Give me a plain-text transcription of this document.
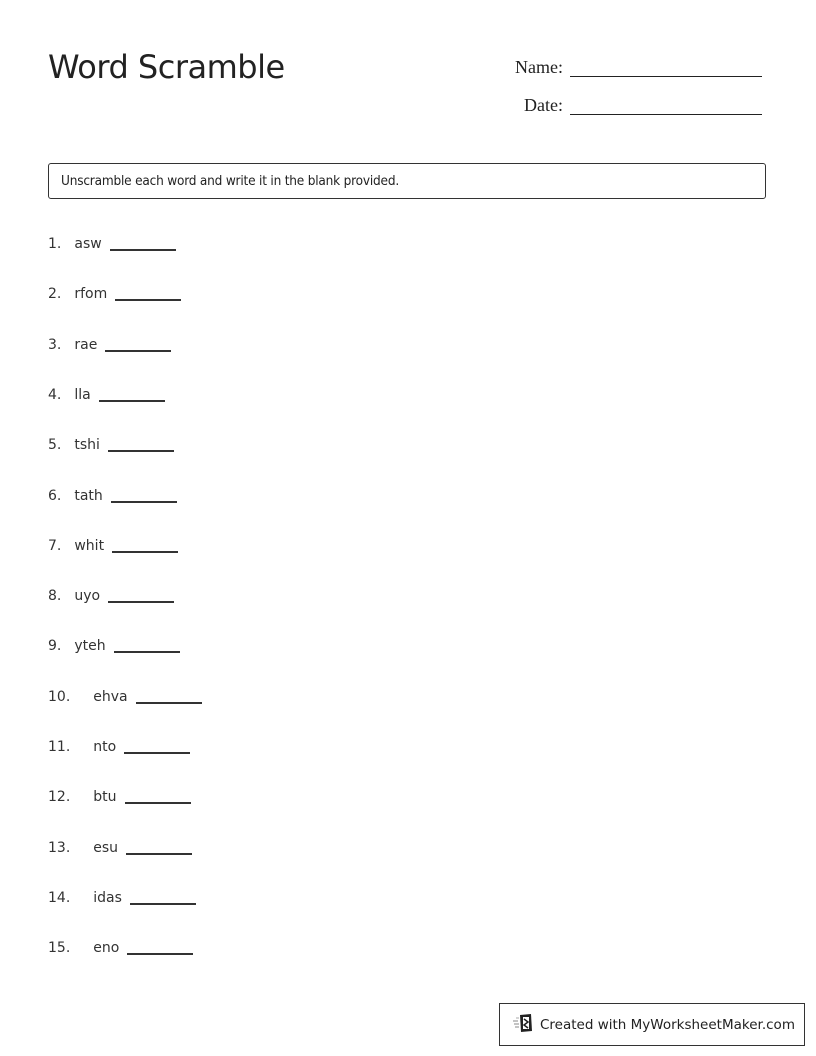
Word Scramble	Name:
Date:
Unscramble each word and write it in the blank provided.
1. asw
2. rfom
3. rae
4. lla
5. tshi
6. tath
7. whit
8. uyo
9. yteh
10. ehva
11. nto
12. btu
13. esu
14. idas
15. eno
Created with MyWorksheetMaker.com
